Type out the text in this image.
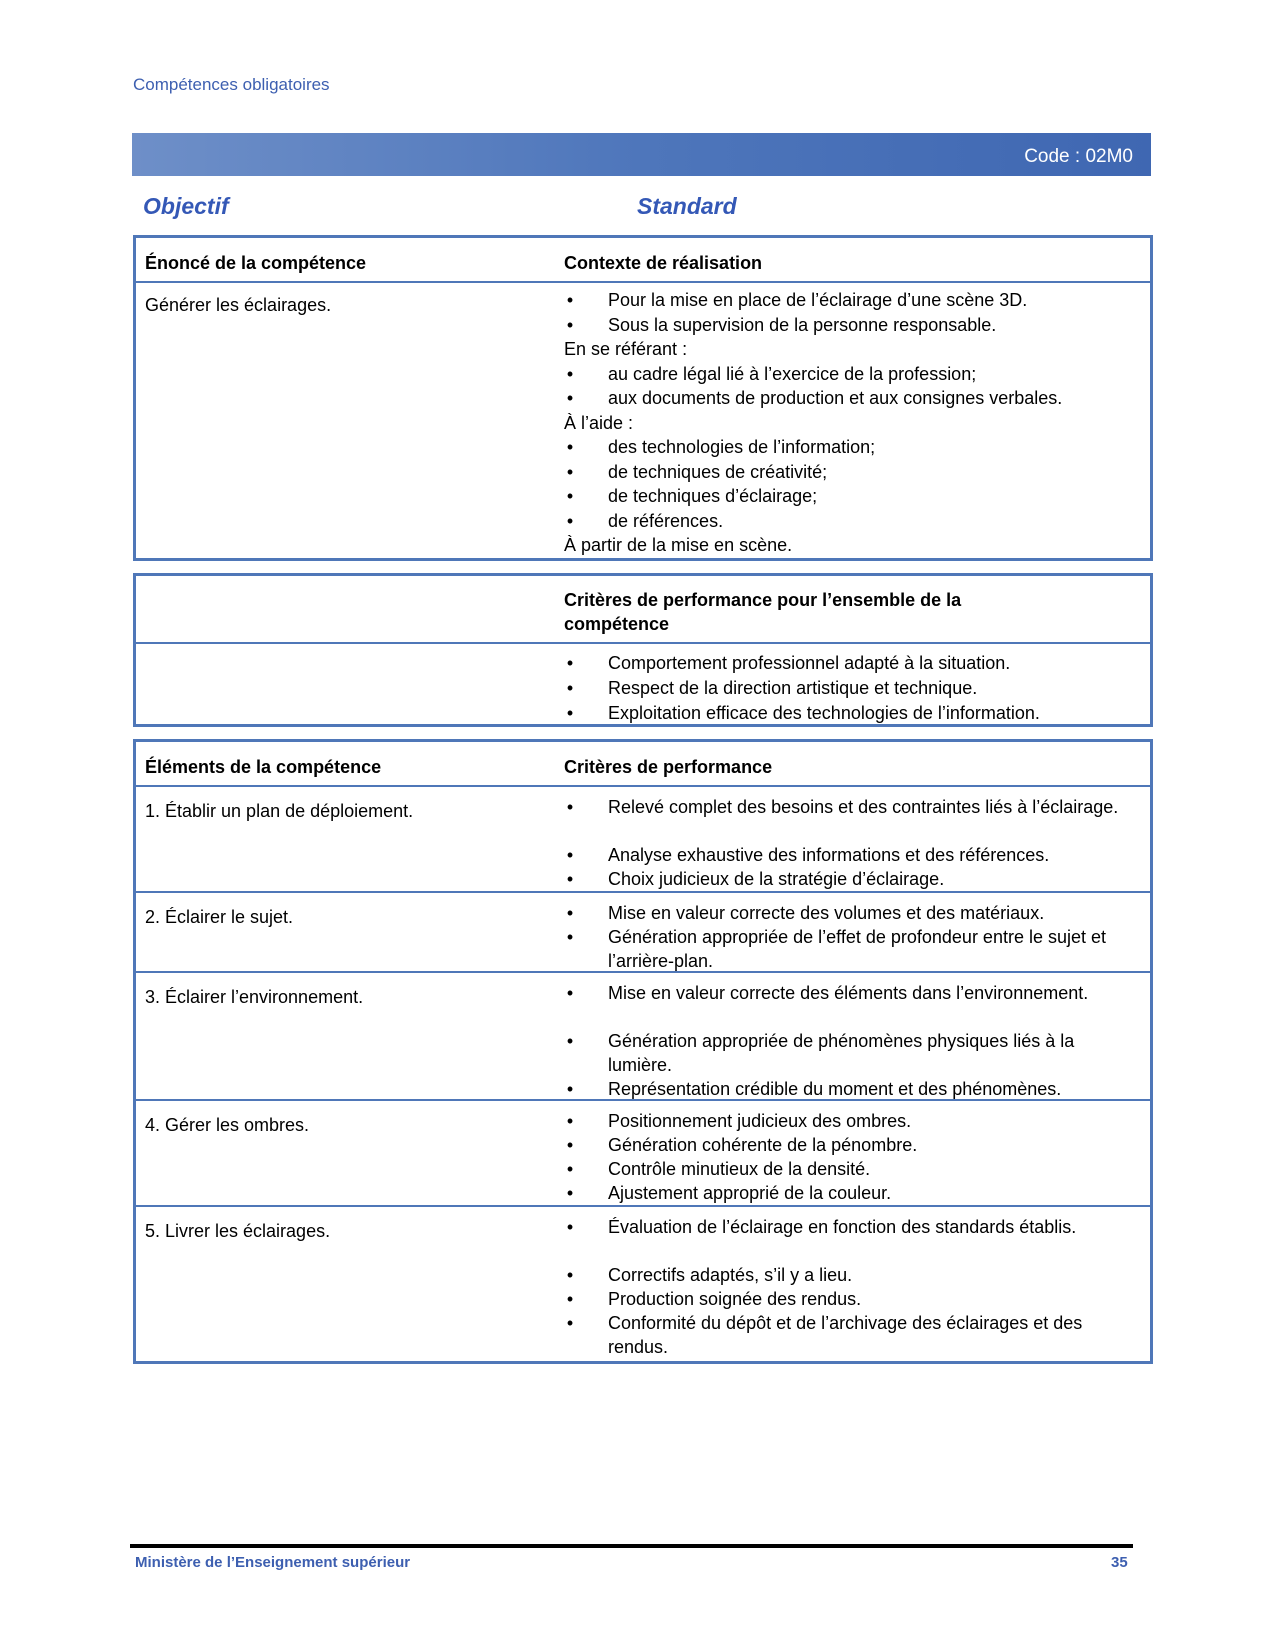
Compétences obligatoires
Code : 02M0
Objectif	Standard
Énoncé de la compétence	Contexte de réalisation
Générer les éclairages.	• Pour la mise en place de l’éclairage d’une scène 3D.
• Sous la supervision de la personne responsable.
En se référant :
• au cadre légal lié à l’exercice de la profession;
• aux documents de production et aux consignes verbales.
À l’aide :
• des technologies de l’information;
• de techniques de créativité;
• de techniques d’éclairage;
• de références.
À partir de la mise en scène.
Critères de performance pour l’ensemble de la compétence
• Comportement professionnel adapté à la situation.
• Respect de la direction artistique et technique.
• Exploitation efficace des technologies de l’information.
Éléments de la compétence	Critères de performance
1. Établir un plan de déploiement.	• Relevé complet des besoins et des contraintes liés à l’éclairage.
• Analyse exhaustive des informations et des références.
• Choix judicieux de la stratégie d’éclairage.
2. Éclairer le sujet.	• Mise en valeur correcte des volumes et des matériaux.
• Génération appropriée de l’effet de profondeur entre le sujet et l’arrière-plan.
3. Éclairer l’environnement.	• Mise en valeur correcte des éléments dans l’environnement.
• Génération appropriée de phénomènes physiques liés à la lumière.
• Représentation crédible du moment et des phénomènes.
4. Gérer les ombres.	• Positionnement judicieux des ombres.
• Génération cohérente de la pénombre.
• Contrôle minutieux de la densité.
• Ajustement approprié de la couleur.
5. Livrer les éclairages.	• Évaluation de l’éclairage en fonction des standards établis.
• Correctifs adaptés, s’il y a lieu.
• Production soignée des rendus.
• Conformité du dépôt et de l’archivage des éclairages et des rendus.
Ministère de l’Enseignement supérieur	35
